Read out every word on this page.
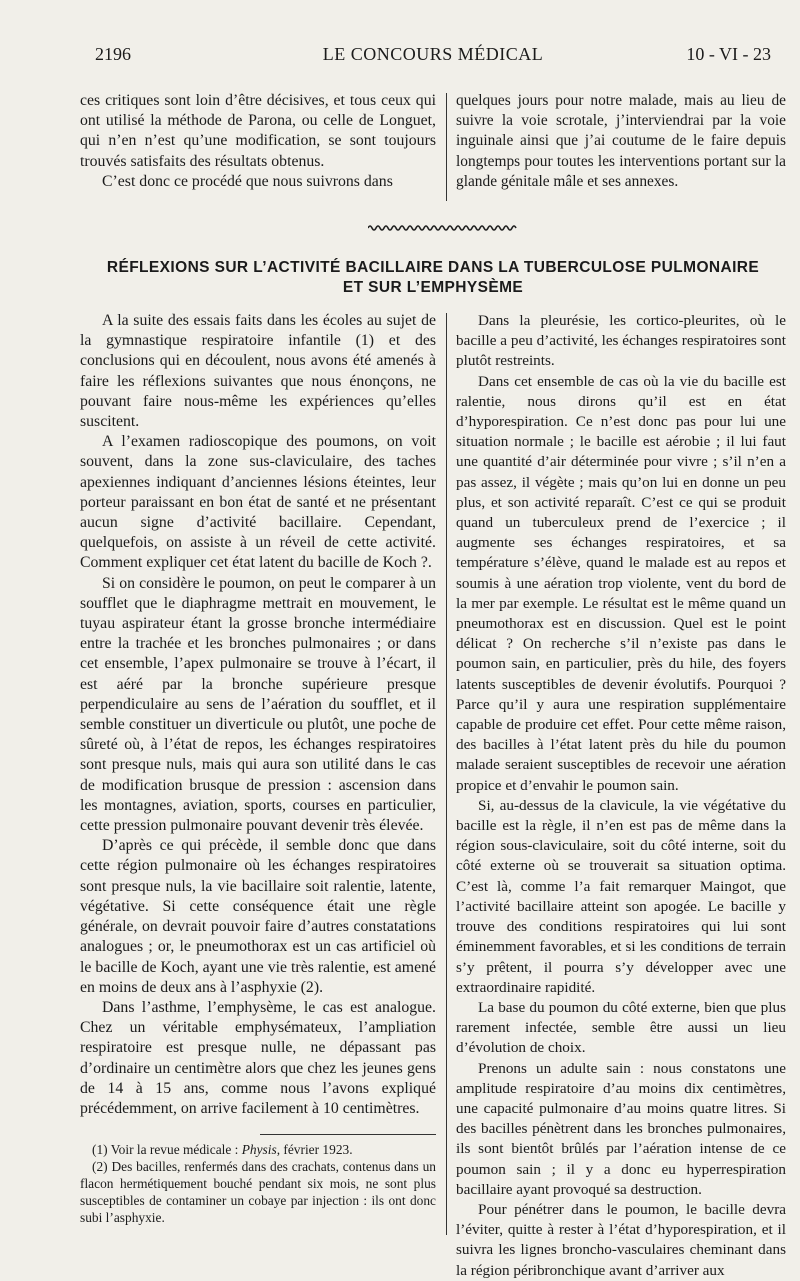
2196	LE CONCOURS MÉDICAL	10 - VI - 23

ces critiques sont loin d’être décisives, et tous ceux qui ont utilisé la méthode de Parona, ou celle de Longuet, qui n’en n’est qu’une modification, se sont toujours trouvés satisfaits des résultats obtenus.

C’est donc ce procédé que nous suivrons dans

quelques jours pour notre malade, mais au lieu de suivre la voie scrotale, j’interviendrai par la voie inguinale ainsi que j’ai coutume de le faire depuis longtemps pour toutes les interventions portant sur la glande génitale mâle et ses annexes.

RÉFLEXIONS SUR L’ACTIVITÉ BACILLAIRE DANS LA TUBERCULOSE PULMONAIRE
ET SUR L’EMPHYSÈME

A la suite des essais faits dans les écoles au sujet de la gymnastique respiratoire infantile (1) et des conclusions qui en découlent, nous avons été amenés à faire les réflexions suivantes que nous énonçons, ne pouvant faire nous-même les expériences qu’elles suscitent.

A l’examen radioscopique des poumons, on voit souvent, dans la zone sus-claviculaire, des taches apexiennes indiquant d’anciennes lésions éteintes, leur porteur paraissant en bon état de santé et ne présentant aucun signe d’activité bacillaire. Cependant, quelquefois, on assiste à un réveil de cette activité. Comment expliquer cet état latent du bacille de Koch ?.

Si on considère le poumon, on peut le comparer à un soufflet que le diaphragme mettrait en mouvement, le tuyau aspirateur étant la grosse bronche intermédiaire entre la trachée et les bronches pulmonaires ; or dans cet ensemble, l’apex pulmonaire se trouve à l’écart, il est aéré par la bronche supérieure presque perpendiculaire au sens de l’aération du soufflet, et il semble constituer un diverticule ou plutôt, une poche de sûreté où, à l’état de repos, les échanges respiratoires sont presque nuls, mais qui aura son utilité dans le cas de modification brusque de pression : ascension dans les montagnes, aviation, sports, courses en particulier, cette pression pulmonaire pouvant devenir très élevée.

D’après ce qui précède, il semble donc que dans cette région pulmonaire où les échanges respiratoires sont presque nuls, la vie bacillaire soit ralentie, latente, végétative. Si cette conséquence était une règle générale, on devrait pouvoir faire d’autres constatations analogues ; or, le pneumothorax est un cas artificiel où le bacille de Koch, ayant une vie très ralentie, est amené en moins de deux ans à l’asphyxie (2).

Dans l’asthme, l’emphysème, le cas est analogue. Chez un véritable emphysémateux, l’ampliation respiratoire est presque nulle, ne dépassant pas d’ordinaire un centimètre alors que chez les jeunes gens de 14 à 15 ans, comme nous l’avons expliqué précédemment, on arrive facilement à 10 centimètres.

Dans la pleurésie, les cortico-pleurites, où le bacille a peu d’activité, les échanges respiratoires sont plutôt restreints.

Dans cet ensemble de cas où la vie du bacille est ralentie, nous dirons qu’il est en état d’hyporespiration. Ce n’est donc pas pour lui une situation normale ; le bacille est aérobie ; il lui faut une quantité d’air déterminée pour vivre ; s’il n’en a pas assez, il végète ; mais qu’on lui en donne un peu plus, et son activité reparaît. C’est ce qui se produit quand un tuberculeux prend de l’exercice ; il augmente ses échanges respiratoires, et sa température s’élève, quand le malade est au repos et soumis à une aération trop violente, vent du bord de la mer par exemple. Le résultat est le même quand un pneumothorax est en discussion. Quel est le point délicat ? On recherche s’il n’existe pas dans le poumon sain, en particulier, près du hile, des foyers latents susceptibles de devenir évolutifs. Pourquoi ? Parce qu’il y aura une respiration supplémentaire capable de produire cet effet. Pour cette même raison, des bacilles à l’état latent près du hile du poumon malade seraient susceptibles de recevoir une aération propice et d’envahir le poumon sain.

Si, au-dessus de la clavicule, la vie végétative du bacille est la règle, il n’en est pas de même dans la région sous-claviculaire, soit du côté interne, soit du côté externe où se trouverait sa situation optima. C’est là, comme l’a fait remarquer Maingot, que l’activité bacillaire atteint son apogée. Le bacille y trouve des conditions respiratoires qui lui sont éminemment favorables, et si les conditions de terrain s’y prêtent, il pourra s’y développer avec une extraordinaire rapidité.

La base du poumon du côté externe, bien que plus rarement infectée, semble être aussi un lieu d’évolution de choix.

Prenons un adulte sain : nous constatons une amplitude respiratoire d’au moins dix centimètres, une capacité pulmonaire d’au moins quatre litres. Si des bacilles pénètrent dans les bronches pulmonaires, ils sont bientôt brûlés par l’aération intense de ce poumon sain ; il y a donc eu hyperrespiration bacillaire ayant provoqué sa destruction.

Pour pénétrer dans le poumon, le bacille devra l’éviter, quitte à rester à l’état d’hyporespiration, et il suivra les lignes broncho-vasculaires cheminant dans la région péribronchique avant d’arriver aux

(1) Voir la revue médicale : Physis, février 1923.

(2) Des bacilles, renfermés dans des crachats, contenus dans un flacon hermétiquement bouché pendant six mois, ne sont plus susceptibles de contaminer un cobaye par injection : ils ont donc subi l’asphyxie.
